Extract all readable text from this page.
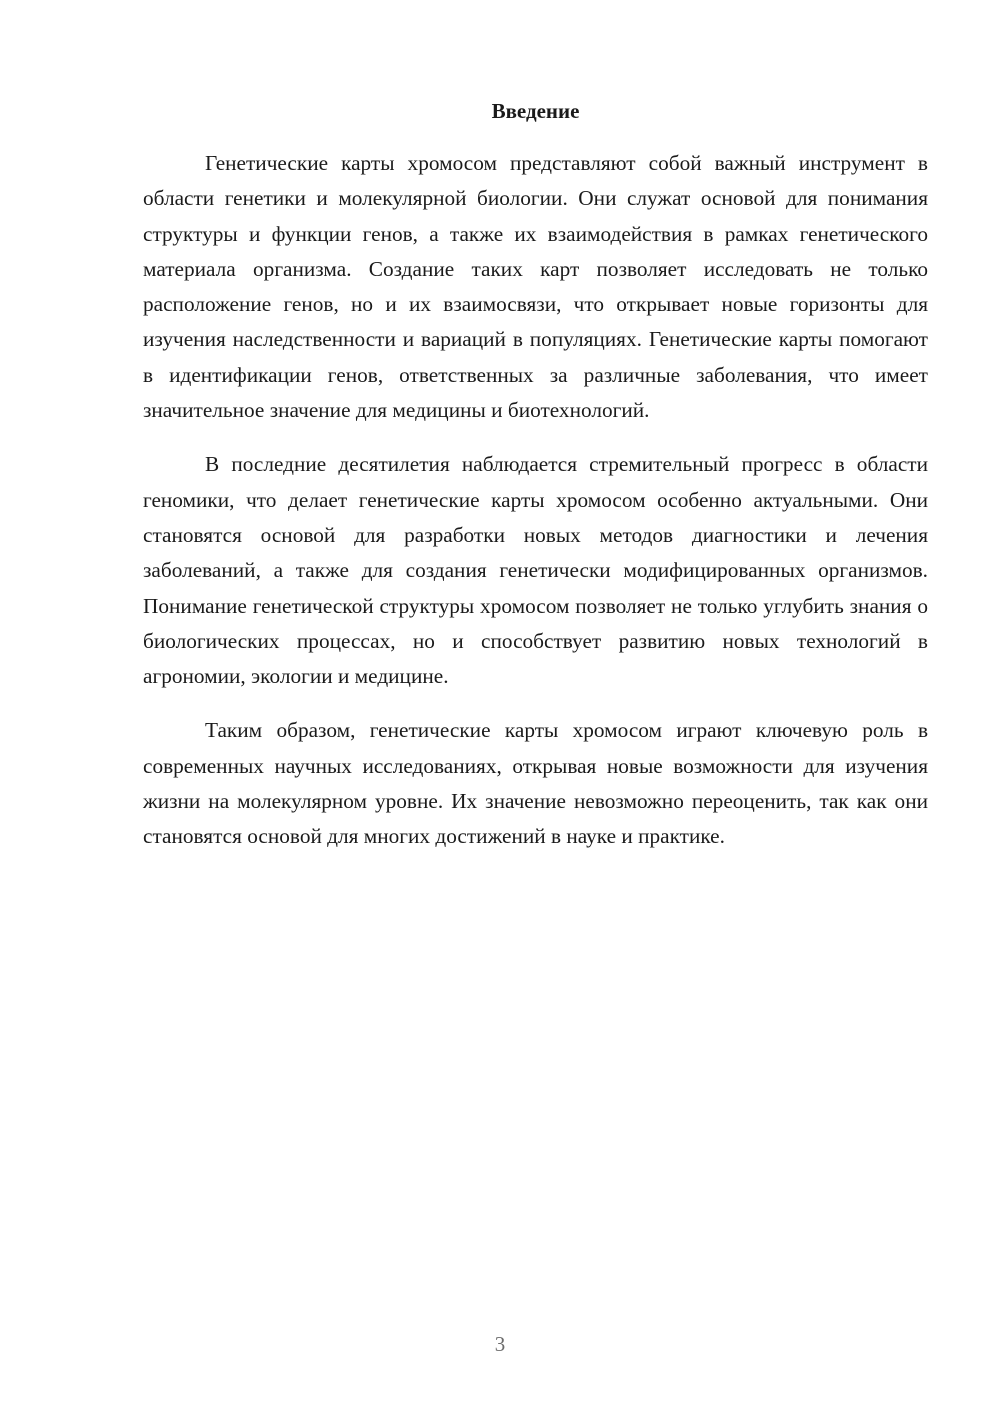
Введение

Генетические карты хромосом представляют собой важный инструмент в области генетики и молекулярной биологии. Они служат основой для понимания структуры и функции генов, а также их взаимодействия в рамках генетического материала организма. Создание таких карт позволяет исследовать не только расположение генов, но и их взаимосвязи, что открывает новые горизонты для изучения наследственности и вариаций в популяциях. Генетические карты помогают в идентификации генов, ответственных за различные заболевания, что имеет значительное значение для медицины и биотехнологий.

В последние десятилетия наблюдается стремительный прогресс в области геномики, что делает генетические карты хромосом особенно актуальными. Они становятся основой для разработки новых методов диагностики и лечения заболеваний, а также для создания генетически модифицированных организмов. Понимание генетической структуры хромосом позволяет не только углубить знания о биологических процессах, но и способствует развитию новых технологий в агрономии, экологии и медицине.

Таким образом, генетические карты хромосом играют ключевую роль в современных научных исследованиях, открывая новые возможности для изучения жизни на молекулярном уровне. Их значение невозможно переоценить, так как они становятся основой для многих достижений в науке и практике.

3
